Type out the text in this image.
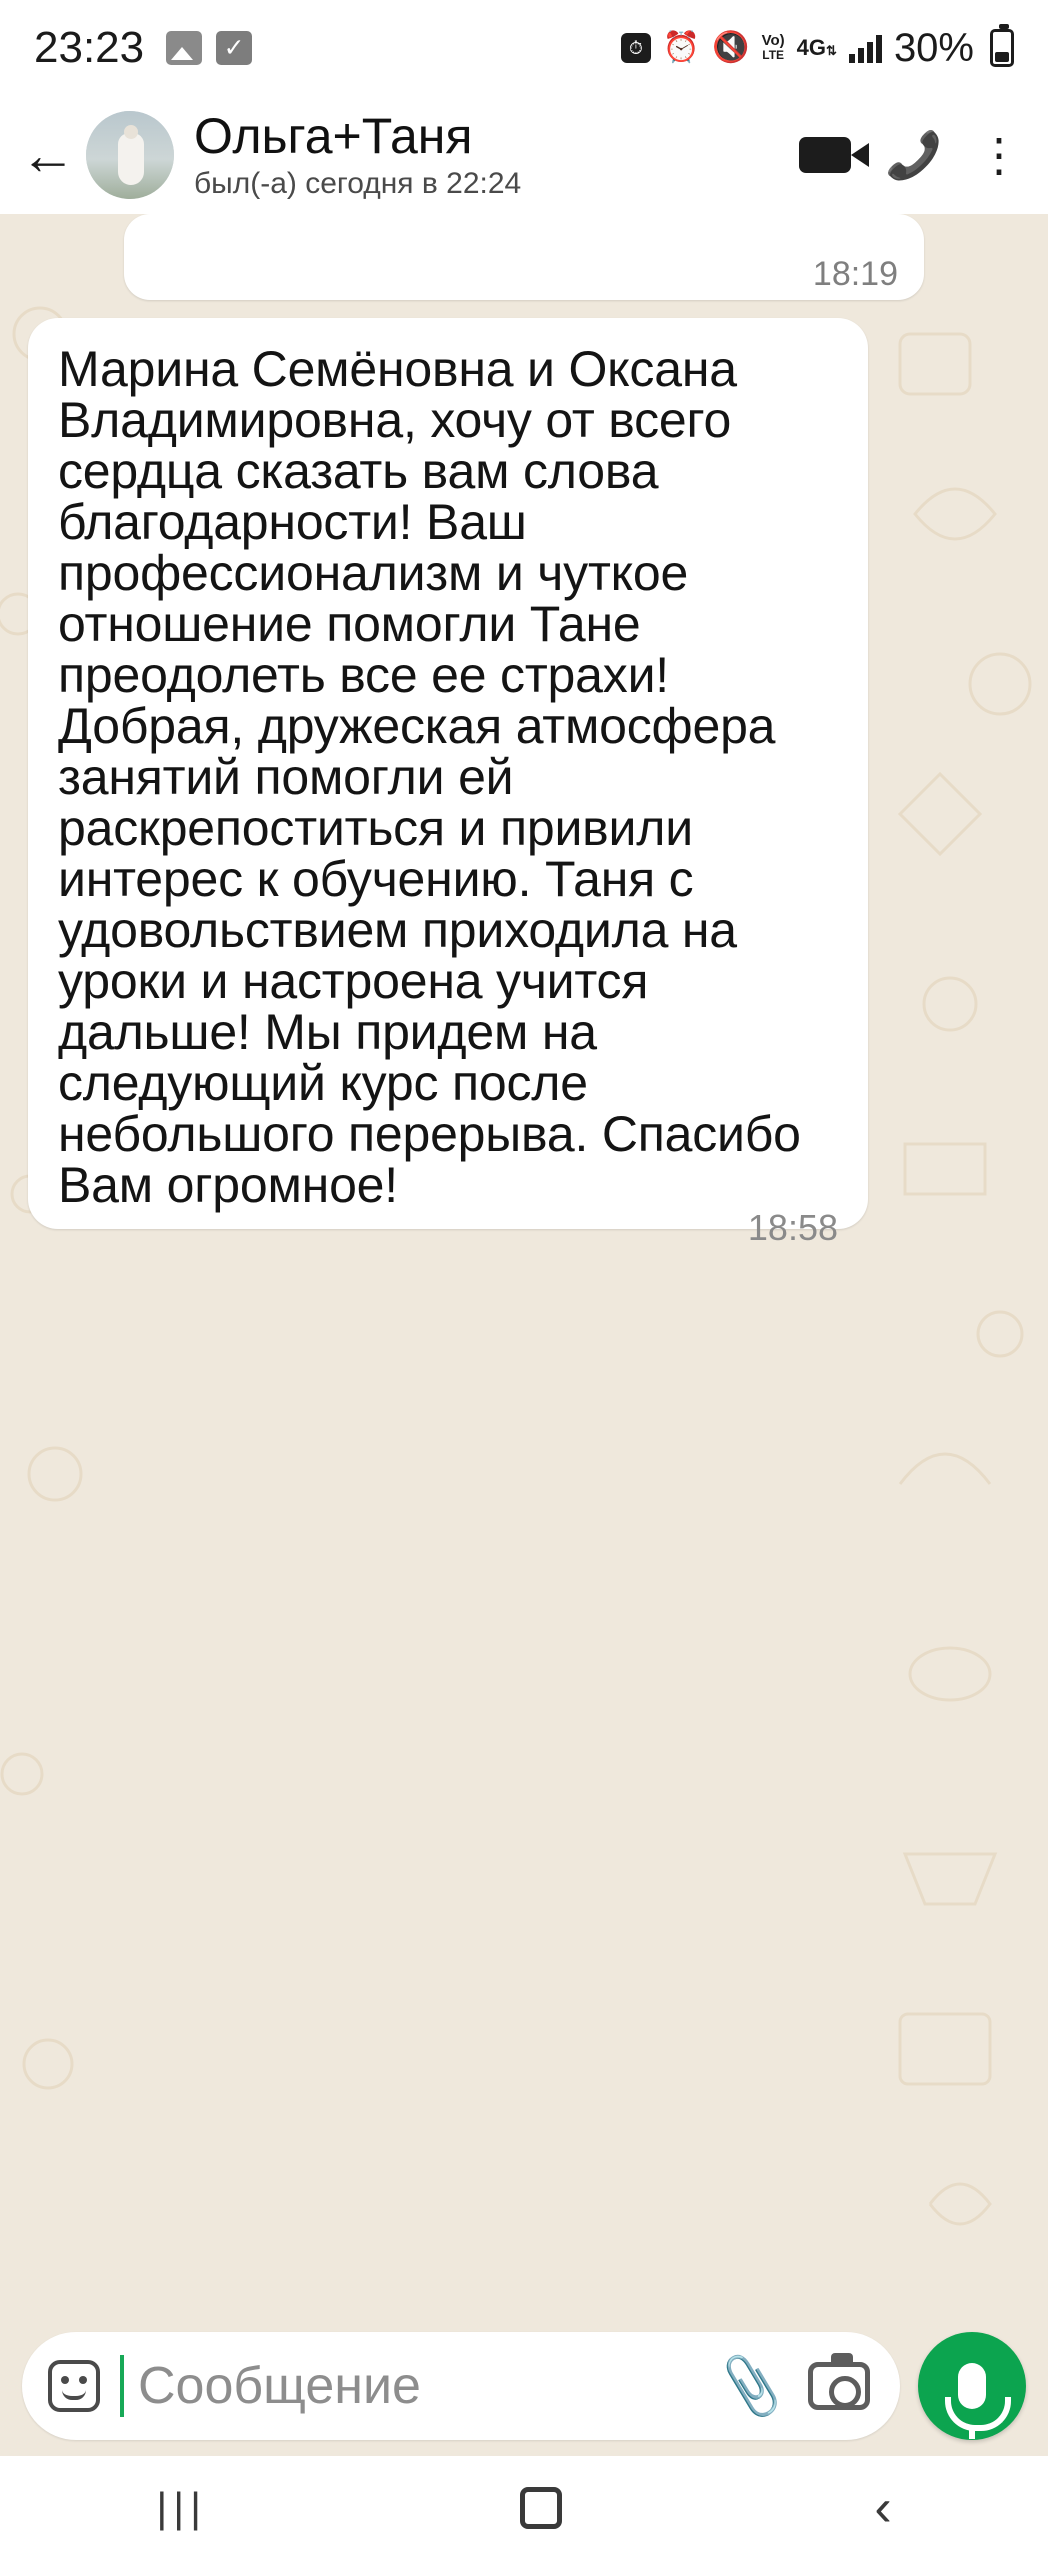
23:23	✓	⏱ ⏰ 🔇 Vo)
LTE 4G⇅ 30%
← Ольга+Таня
был(-а) сегодня в 22:24
📞 ⋮
18:19

Марина Семёновна и Оксана Владимировна, хочу от всего сердца сказать вам слова благодарности! Ваш профессионализм и чуткое отношение помогли Тане преодолеть все ее страхи! Добрая, дружеская атмосфера занятий помогли ей раскрепоститься и привили интерес к обучению. Таня с удовольствием приходила на уроки и настроена учится дальше! Мы придем на следующий курс после небольшого перерыва. Спасибо Вам огромное!

18:58
Сообщение	📎
|||	‹
